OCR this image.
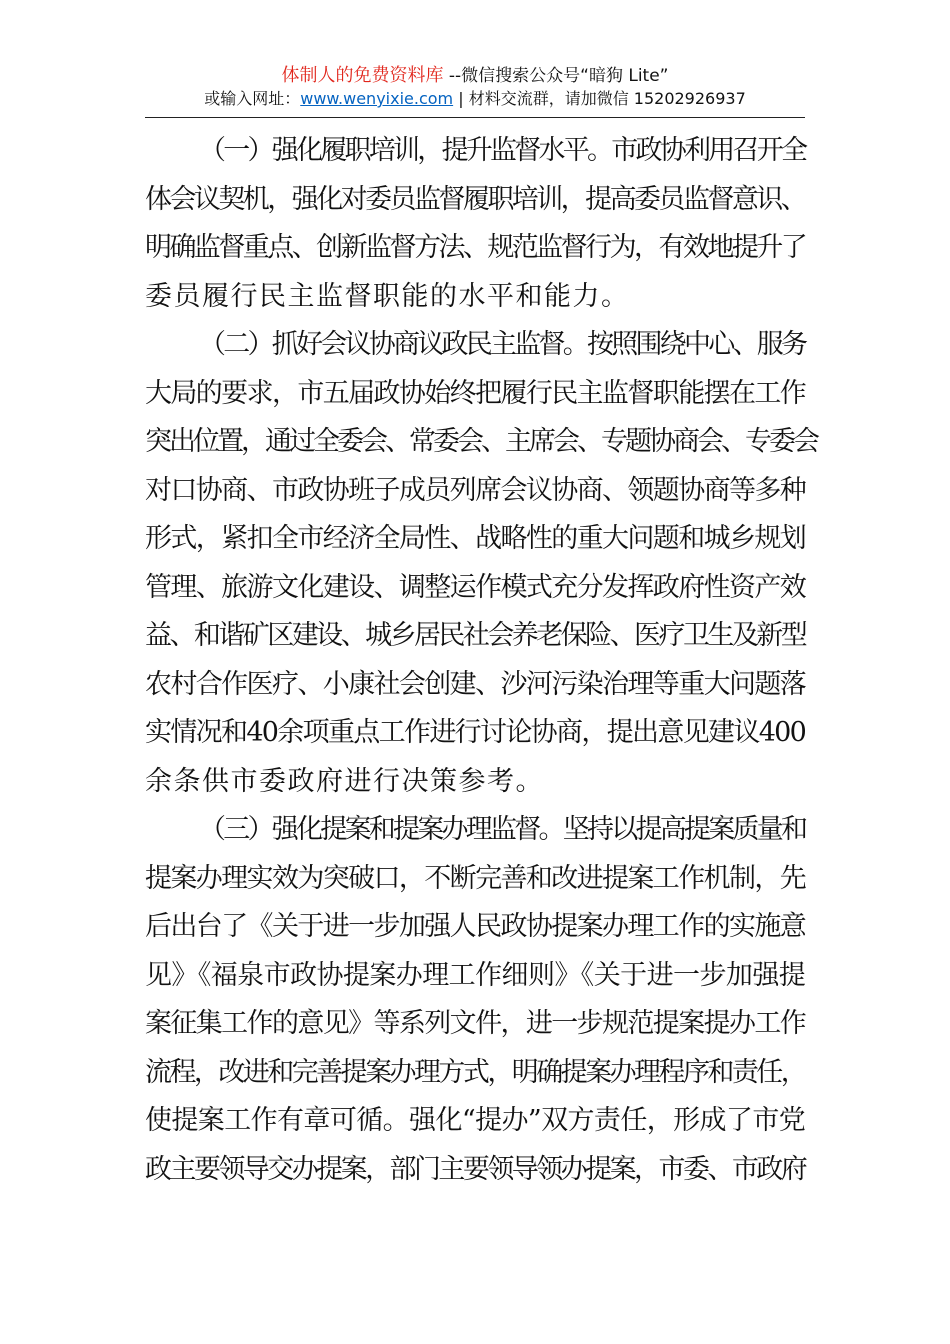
体制人的免费资料库 --微信搜索公众号“暗狗 Lite”
或输入网址：www.wenyixie.com | 材料交流群，请加微信 15202926937

（一）强化履职培训，提升监督水平。市政协利用召开全
体会议契机，强化对委员监督履职培训，提高委员监督意识、
明确监督重点、创新监督方法、规范监督行为，有效地提升了
委员履行民主监督职能的水平和能力。

（二）抓好会议协商议政民主监督。按照围绕中心、服务
大局的要求，市五届政协始终把履行民主监督职能摆在工作
突出位置，通过全委会、常委会、主席会、专题协商会、专委会
对口协商、市政协班子成员列席会议协商、领题协商等多种
形式，紧扣全市经济全局性、战略性的重大问题和城乡规划
管理、旅游文化建设、调整运作模式充分发挥政府性资产效
益、和谐矿区建设、城乡居民社会养老保险、医疗卫生及新型
农村合作医疗、小康社会创建、沙河污染治理等重大问题落
实情况和40余项重点工作进行讨论协商，提出意见建议400
余条供市委政府进行决策参考。

（三）强化提案和提案办理监督。坚持以提高提案质量和
提案办理实效为突破口，不断完善和改进提案工作机制，先
后出台了《关于进一步加强人民政协提案办理工作的实施意
见》《福泉市政协提案办理工作细则》《关于进一步加强提
案征集工作的意见》等系列文件，进一步规范提案提办工作
流程，改进和完善提案办理方式，明确提案办理程序和责任，
使提案工作有章可循。强化“提办”双方责任，形成了市党
政主要领导交办提案，部门主要领导领办提案，市委、市政府
